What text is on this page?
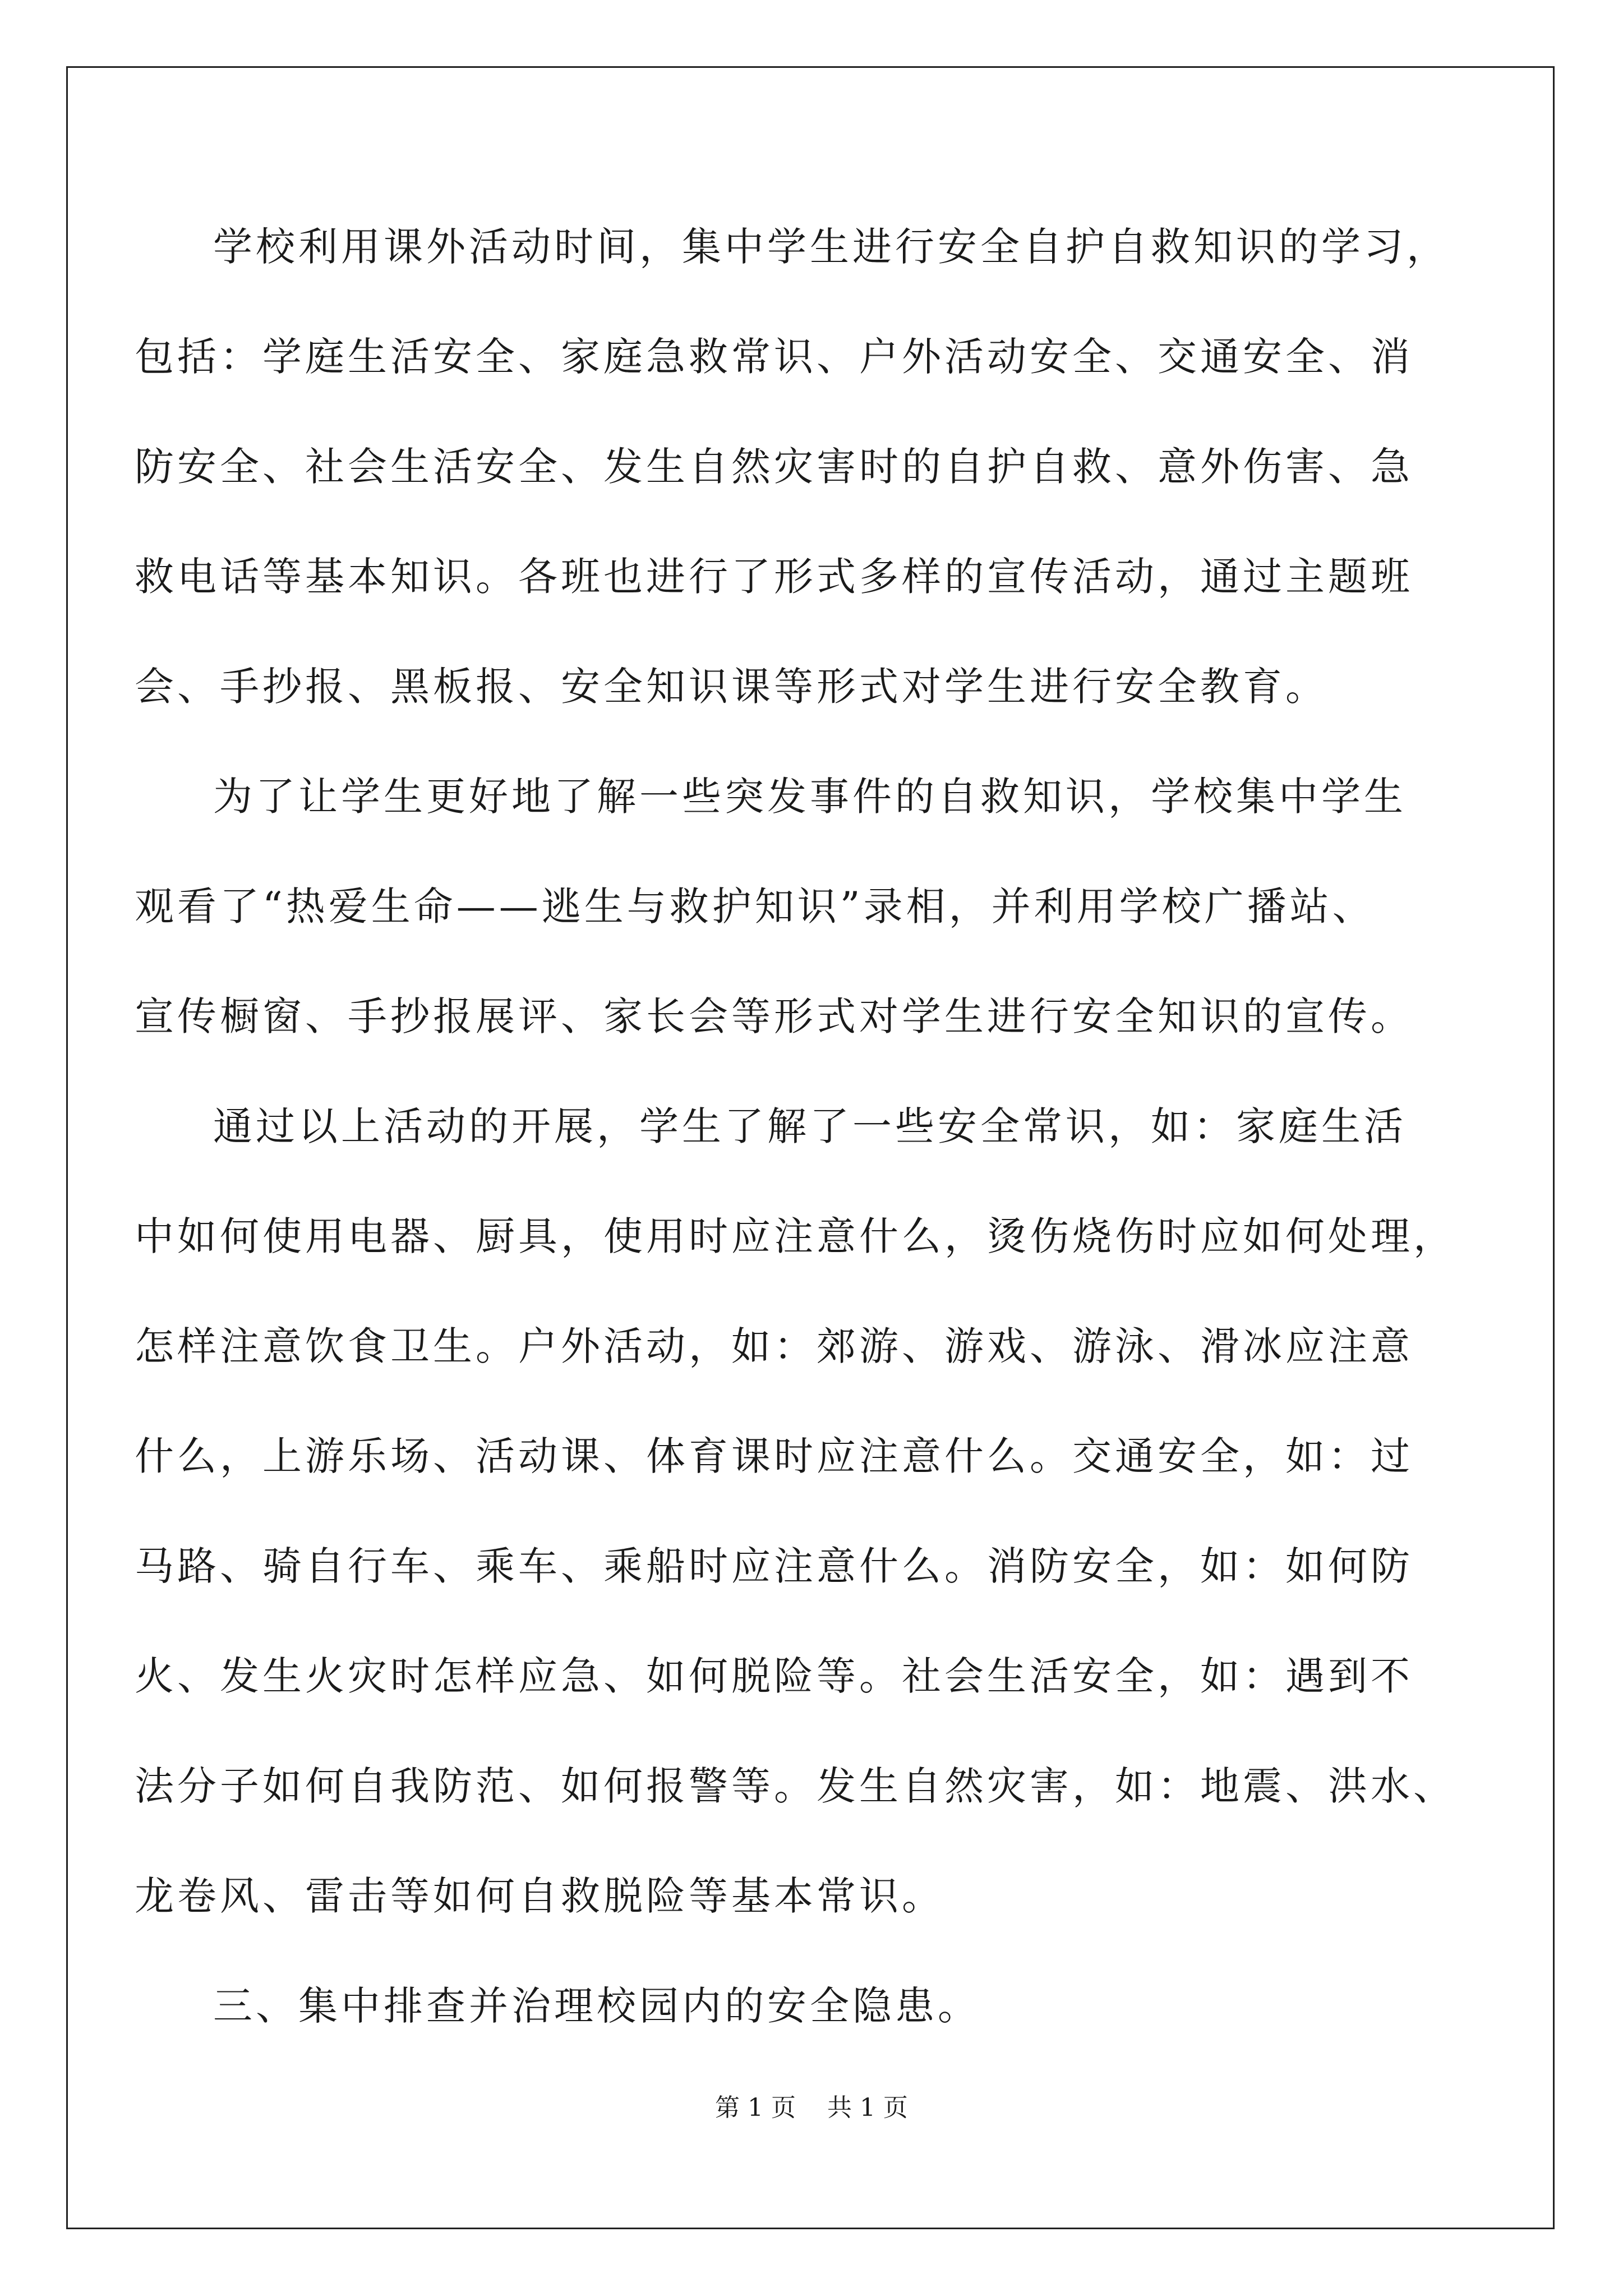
学校利用课外活动时间，集中学生进行安全自护自救知识的学习，
包括：学庭生活安全、家庭急救常识、户外活动安全、交通安全、消
防安全、社会生活安全、发生自然灾害时的自护自救、意外伤害、急
救电话等基本知识。各班也进行了形式多样的宣传活动，通过主题班
会、手抄报、黑板报、安全知识课等形式对学生进行安全教育。
为了让学生更好地了解一些突发事件的自救知识，学校集中学生
观看了“热爱生命——逃生与救护知识”录相，并利用学校广播站、
宣传橱窗、手抄报展评、家长会等形式对学生进行安全知识的宣传。
通过以上活动的开展，学生了解了一些安全常识，如：家庭生活
中如何使用电器、厨具，使用时应注意什么，烫伤烧伤时应如何处理，
怎样注意饮食卫生。户外活动，如：郊游、游戏、游泳、滑冰应注意
什么，上游乐场、活动课、体育课时应注意什么。交通安全，如：过
马路、骑自行车、乘车、乘船时应注意什么。消防安全，如：如何防
火、发生火灾时怎样应急、如何脱险等。社会生活安全，如：遇到不
法分子如何自我防范、如何报警等。发生自然灾害，如：地震、洪水、
龙卷风、雷击等如何自救脱险等基本常识。
三、集中排查并治理校园内的安全隐患。
第 1 页    共 1 页
